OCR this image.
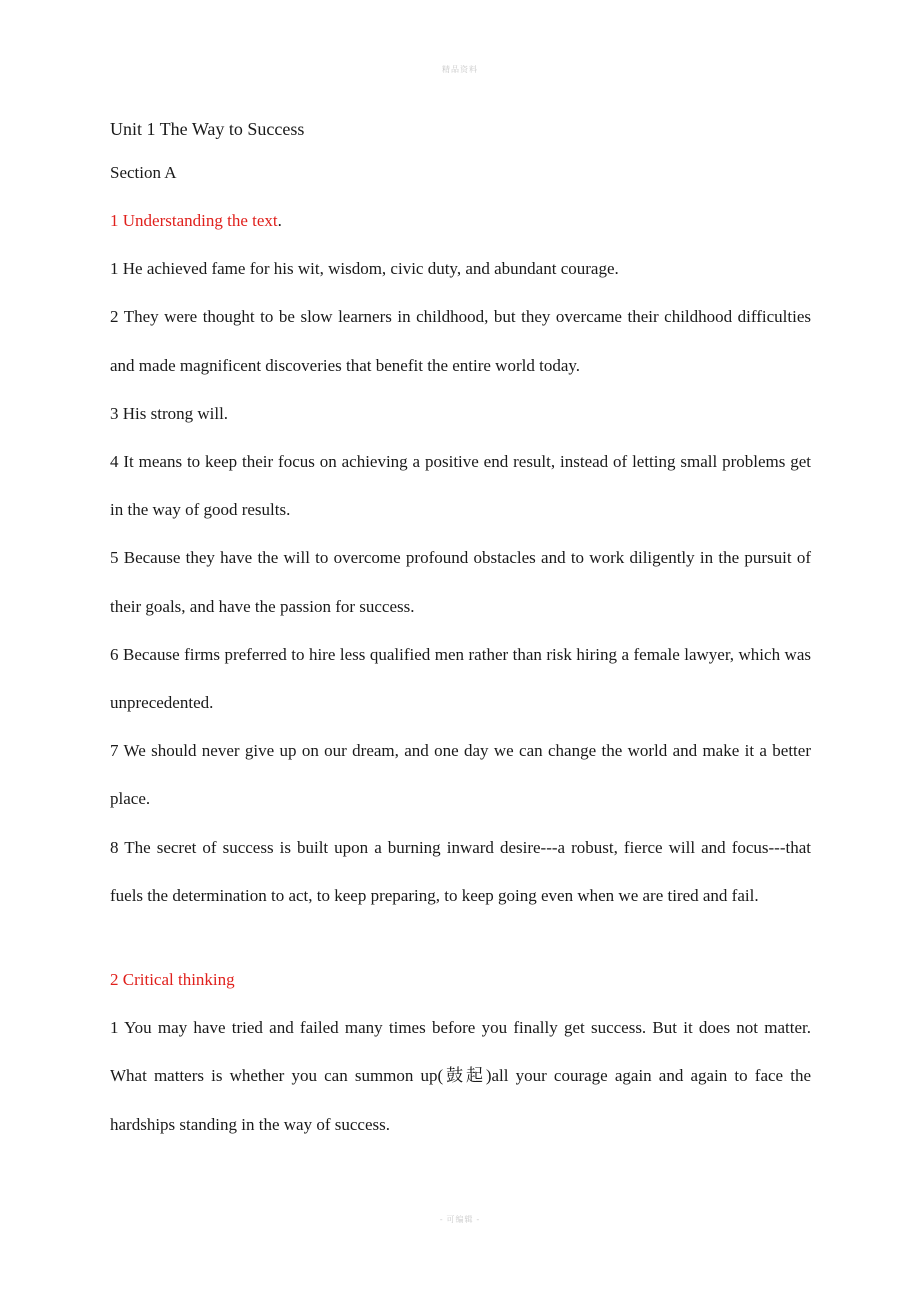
精品资料

Unit 1 The Way to Success

Section A

1 Understanding the text.

1 He achieved fame for his wit, wisdom, civic duty, and abundant courage.

2 They were thought to be slow learners in childhood, but they overcame their childhood difficulties and made magnificent discoveries that benefit the entire world today.

3 His strong will.

4 It means to keep their focus on achieving a positive end result, instead of letting small problems get in the way of good results.

5 Because they have the will to overcome profound obstacles and to work diligently in the pursuit of their goals, and have the passion for success.

6 Because firms preferred to hire less qualified men rather than risk hiring a female lawyer, which was unprecedented.

7 We should never give up on our dream, and one day we can change the world and make it a better place.

8 The secret of success is built upon a burning inward desire---a robust, fierce will and focus---that fuels the determination to act, to keep preparing, to keep going even when we are tired and fail.

2 Critical thinking

1 You may have tried and failed many times before you finally get success. But it does not matter. What matters is whether you can summon up(鼓起)all your courage again and again to face the hardships standing in the way of success.

- 可编辑 -
